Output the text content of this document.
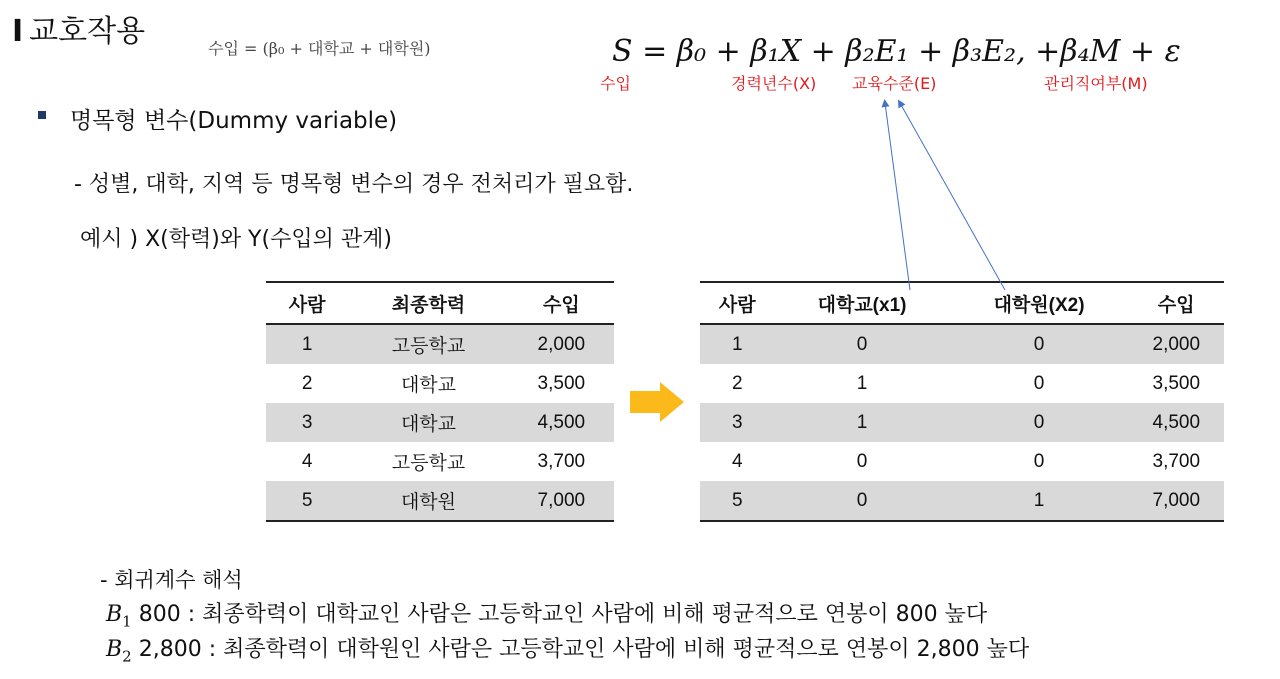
I 교호작용	수입 = (β₀ + 대학교 + 대학원)	S = β₀ + β₁X + β₂E₁ + β₃E₂, +β₄M + ε
수입	경력년수(X) 교육수준(E)	관리직여부(M)
명목형 변수(Dummy variable)
- 성별, 대학, 지역 등 명목형 변수의 경우 전처리가 필요함.
예시 ) X(학력)와 Y(수입의 관계)
사람	최종학력	수입
1	고등학교	2,000
2	대학교	3,500
3	대학교	4,500
4	고등학교	3,700
5	대학원	7,000
사람	대학교(x1)	대학원(X2)	수입
1	0	0	2,000
2	1	0	3,500
3	1	0	4,500
4	0	0	3,700
5	0	1	7,000
- 회귀계수 해석
$B_1$ 800 : 최종학력이 대학교인 사람은 고등학교인 사람에 비해 평균적으로 연봉이 800 높다
$B_2$ 2,800 : 최종학력이 대학원인 사람은 고등학교인 사람에 비해 평균적으로 연봉이 2,800 높다
